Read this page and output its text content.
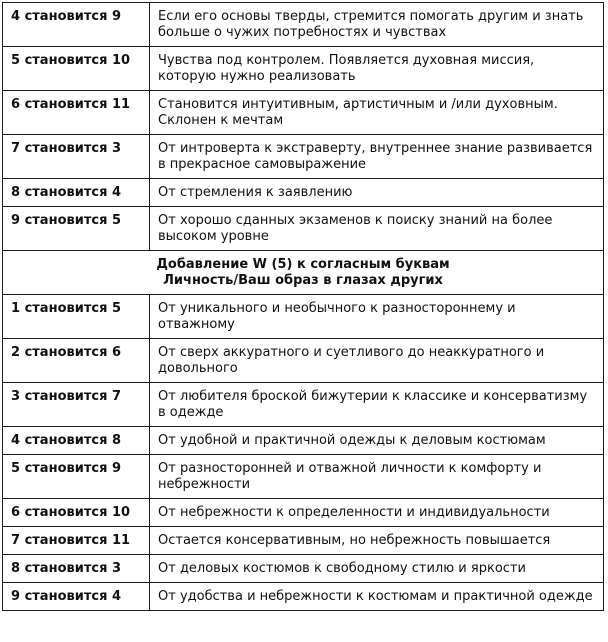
4 становится 9	Если его основы тверды, стремится помогать другим и знать больше о чужих потребностях и чувствах
5 становится 10	Чувства под контролем. Появляется духовная миссия, которую нужно реализовать
6 становится 11	Становится интуитивным, артистичным и /или духовным. Склонен к мечтам
7 становится 3	От интроверта к экстраверту, внутреннее знание развивается в прекрасное самовыражение
8 становится 4	От стремления к заявлению
9 становится 5	От хорошо сданных экзаменов к поиску знаний на более высоком уровне

Добавление W (5) к согласным буквам
Личность/Ваш образ в глазах других	

1 становится 5	От уникального и необычного к разностороннему и отважному
2 становится 6	От сверх аккуратного и суетливого до неаккуратного и довольного
3 становится 7	От любителя броской бижутерии к классике и консерватизму в одежде
4 становится 8	От удобной и практичной одежды к деловым костюмам
5 становится 9	От разносторонней и отважной личности к комфорту и небрежности
6 становится 10	От небрежности к определенности и индивидуальности
7 становится 11	Остается консервативным, но небрежность повышается
8 становится 3	От деловых костюмов к свободному стилю и яркости
9 становится 4	От удобства и небрежности к костюмам и практичной одежде
